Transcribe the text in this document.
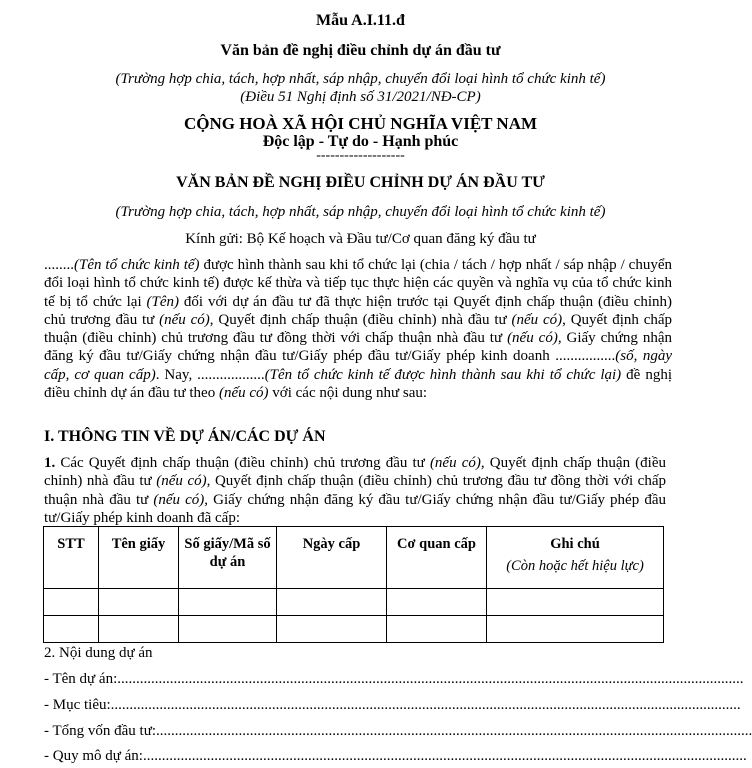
Mẫu A.I.11.đ
Văn bản đề nghị điều chỉnh dự án đầu tư
(Trường hợp chia, tách, hợp nhất, sáp nhập, chuyển đổi loại hình tổ chức kinh tế)
(Điều 51 Nghị định số 31/2021/NĐ-CP)
CỘNG HOÀ XÃ HỘI CHỦ NGHĨA VIỆT NAM
Độc lập - Tự do - Hạnh phúc
-------------------
VĂN BẢN ĐỀ NGHỊ ĐIỀU CHỈNH DỰ ÁN ĐẦU TƯ
(Trường hợp chia, tách, hợp nhất, sáp nhập, chuyển đổi loại hình tổ chức kinh tế)
Kính gửi: Bộ Kế hoạch và Đầu tư/Cơ quan đăng ký đầu tư
........(Tên tổ chức kinh tế) được hình thành sau khi tổ chức lại (chia / tách / hợp nhất / sáp nhập / chuyển đổi loại hình tổ chức kinh tế) được kế thừa và tiếp tục thực hiện các quyền và nghĩa vụ của tổ chức kinh tế bị tổ chức lại (Tên) đối với dự án đầu tư đã thực hiện trước tại Quyết định chấp thuận (điều chỉnh) chủ trương đầu tư (nếu có), Quyết định chấp thuận (điều chỉnh) nhà đầu tư (nếu có), Quyết định chấp thuận (điều chỉnh) chủ trương đầu tư đồng thời với chấp thuận nhà đầu tư (nếu có), Giấy chứng nhận đăng ký đầu tư/Giấy chứng nhận đầu tư/Giấy phép đầu tư/Giấy phép kinh doanh ................(số, ngày cấp, cơ quan cấp). Nay, ..................(Tên tổ chức kinh tế được hình thành sau khi tổ chức lại) đề nghị điều chỉnh dự án đầu tư theo (nếu có) với các nội dung như sau:
I. THÔNG TIN VỀ DỰ ÁN/CÁC DỰ ÁN
1. Các Quyết định chấp thuận (điều chỉnh) chủ trương đầu tư (nếu có), Quyết định chấp thuận (điều chỉnh) nhà đầu tư (nếu có), Quyết định chấp thuận (điều chỉnh) chủ trương đầu tư đồng thời với chấp thuận nhà đầu tư (nếu có), Giấy chứng nhận đăng ký đầu tư/Giấy chứng nhận đầu tư/Giấy phép đầu tư/Giấy phép kinh doanh đã cấp:
STT	Tên giấy	Số giấy/Mã số dự án	Ngày cấp	Cơ quan cấp	Ghi chú
(Còn hoặc hết hiệu lực)

2. Nội dung dự án
- Tên dự án: .......................................................................................................................................................................
- Mục tiêu: ........................................................................................................................................................................
- Tổng vốn đầu tư: ...............................................................................................................................................................
- Quy mô dự án: .................................................................................................................................................................
